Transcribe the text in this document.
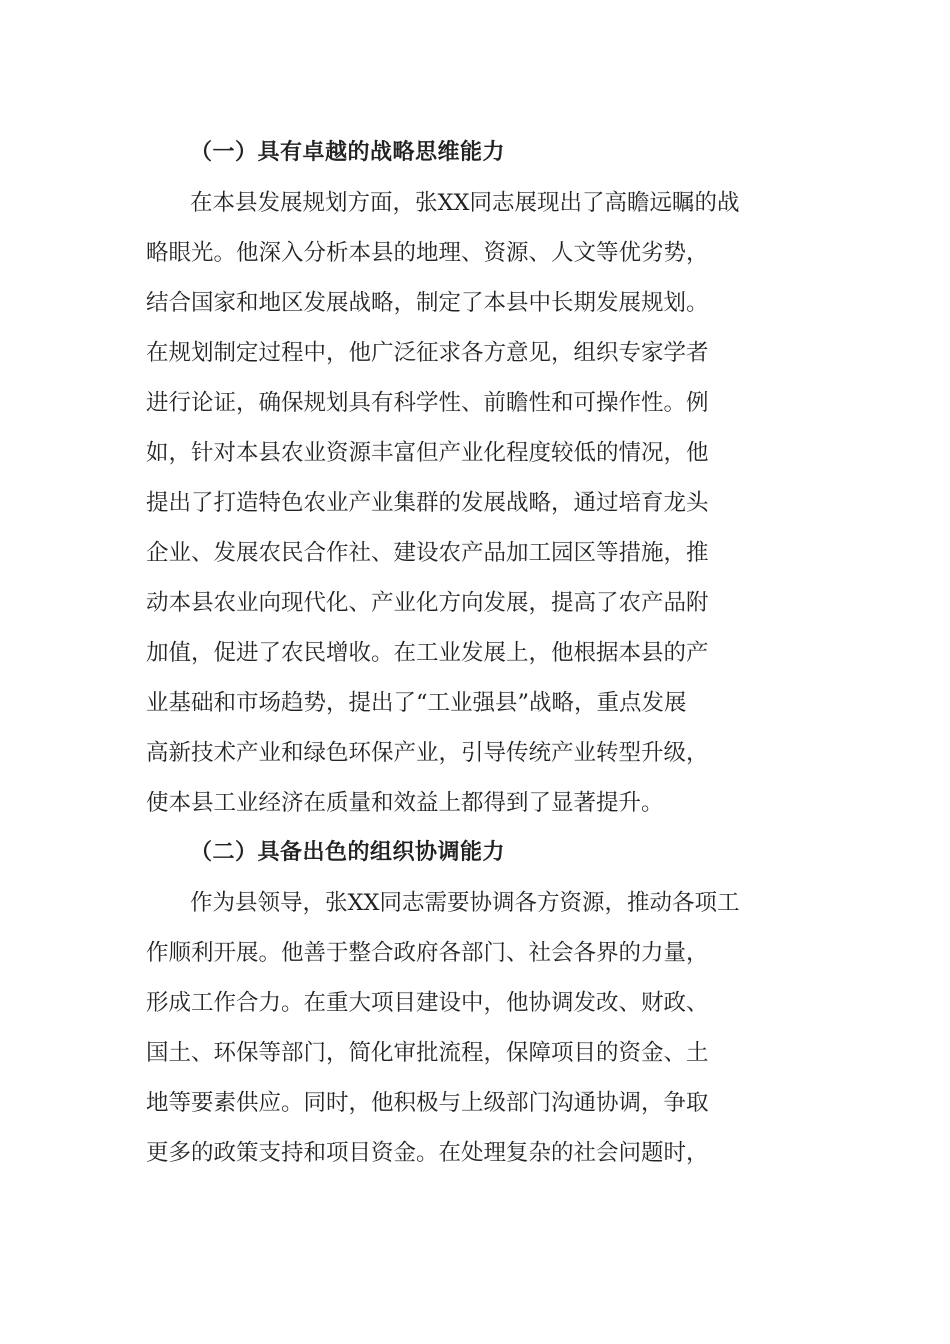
（一）具有卓越的战略思维能力
在本县发展规划方面，张XX同志展现出了高瞻远瞩的战
略眼光。他深入分析本县的地理、资源、人文等优劣势，
结合国家和地区发展战略，制定了本县中长期发展规划。
在规划制定过程中，他广泛征求各方意见，组织专家学者
进行论证，确保规划具有科学性、前瞻性和可操作性。例
如，针对本县农业资源丰富但产业化程度较低的情况，他
提出了打造特色农业产业集群的发展战略，通过培育龙头
企业、发展农民合作社、建设农产品加工园区等措施，推
动本县农业向现代化、产业化方向发展，提高了农产品附
加值，促进了农民增收。在工业发展上，他根据本县的产
业基础和市场趋势，提出了“工业强县”战略，重点发展
高新技术产业和绿色环保产业，引导传统产业转型升级，
使本县工业经济在质量和效益上都得到了显著提升。
（二）具备出色的组织协调能力
作为县领导，张XX同志需要协调各方资源，推动各项工
作顺利开展。他善于整合政府各部门、社会各界的力量，
形成工作合力。在重大项目建设中，他协调发改、财政、
国土、环保等部门，简化审批流程，保障项目的资金、土
地等要素供应。同时，他积极与上级部门沟通协调，争取
更多的政策支持和项目资金。在处理复杂的社会问题时，
